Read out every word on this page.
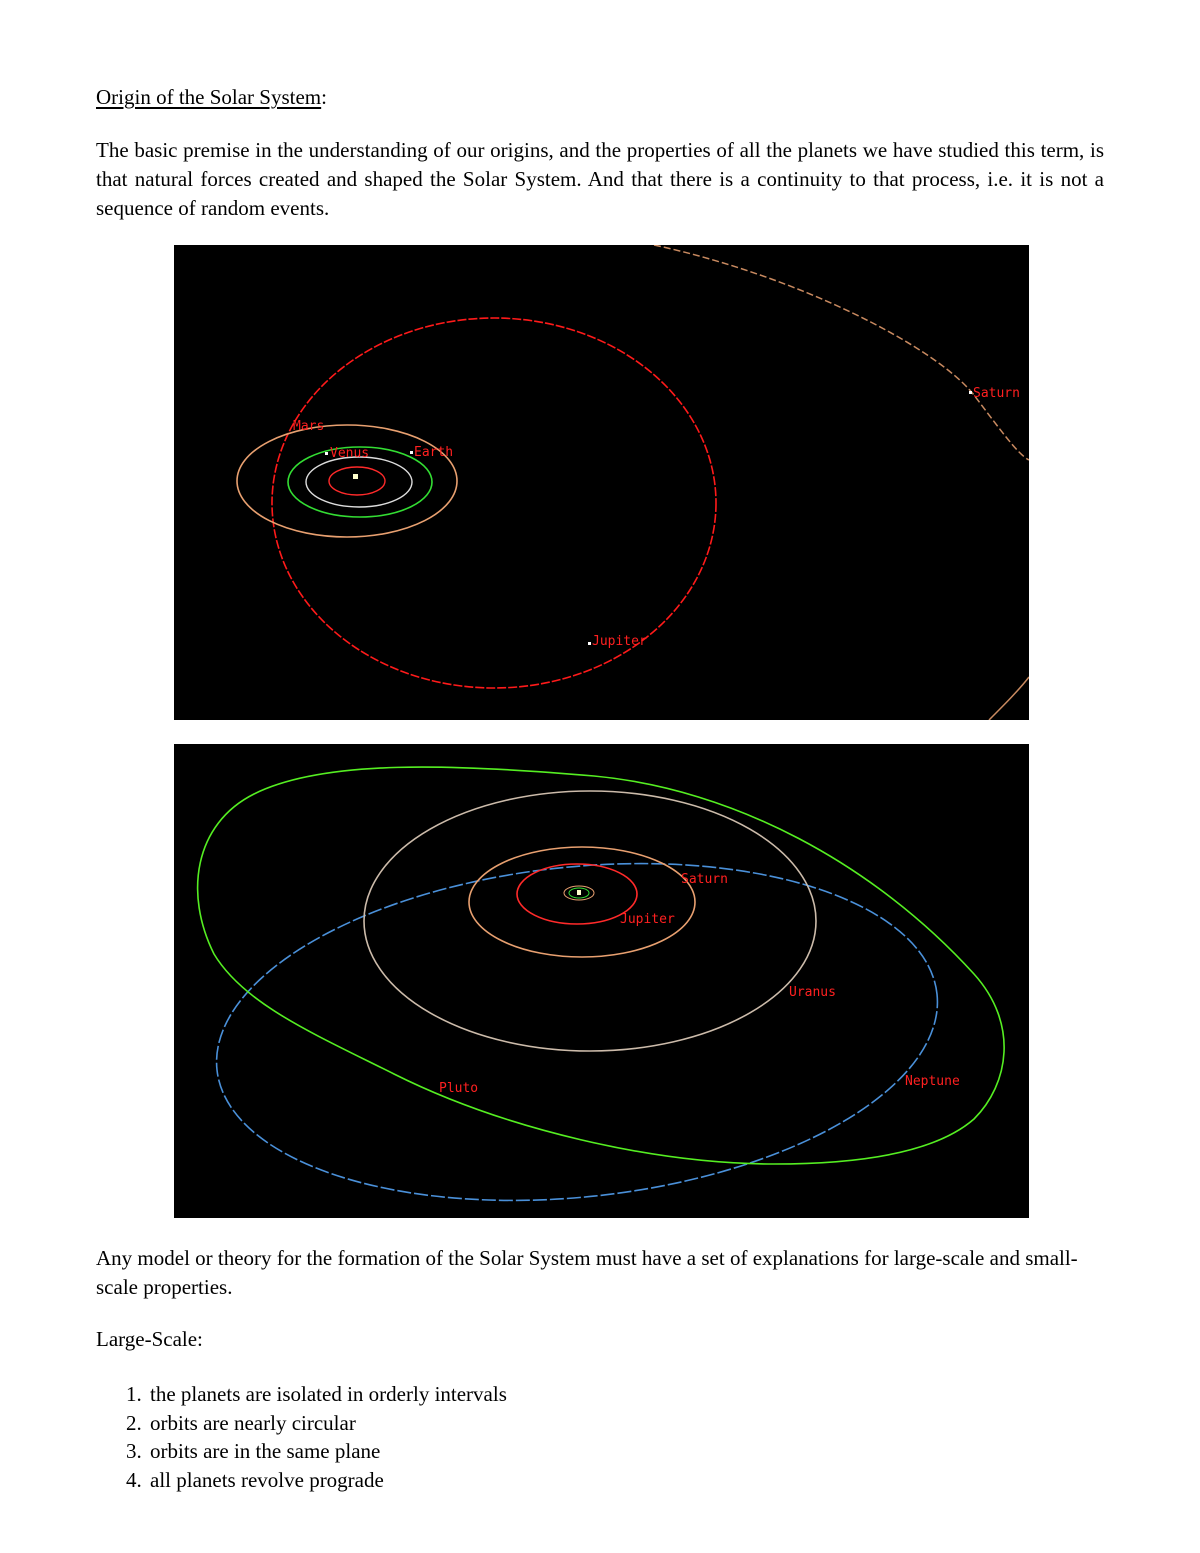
Origin of the Solar System:

The basic premise in the understanding of our origins, and the properties of all the planets we have studied this term, is that natural forces created and shaped the Solar System. And that there is a continuity to that process, i.e. it is not a sequence of random events.

Mars
Venus	Earth
Jupiter
Saturn
Saturn
Jupiter
Uranus
Neptune
Pluto

Any model or theory for the formation of the Solar System must have a set of explanations for large-scale and small-scale properties.

Large-Scale:

1. the planets are isolated in orderly intervals
2. orbits are nearly circular
3. orbits are in the same plane
4. all planets revolve prograde
